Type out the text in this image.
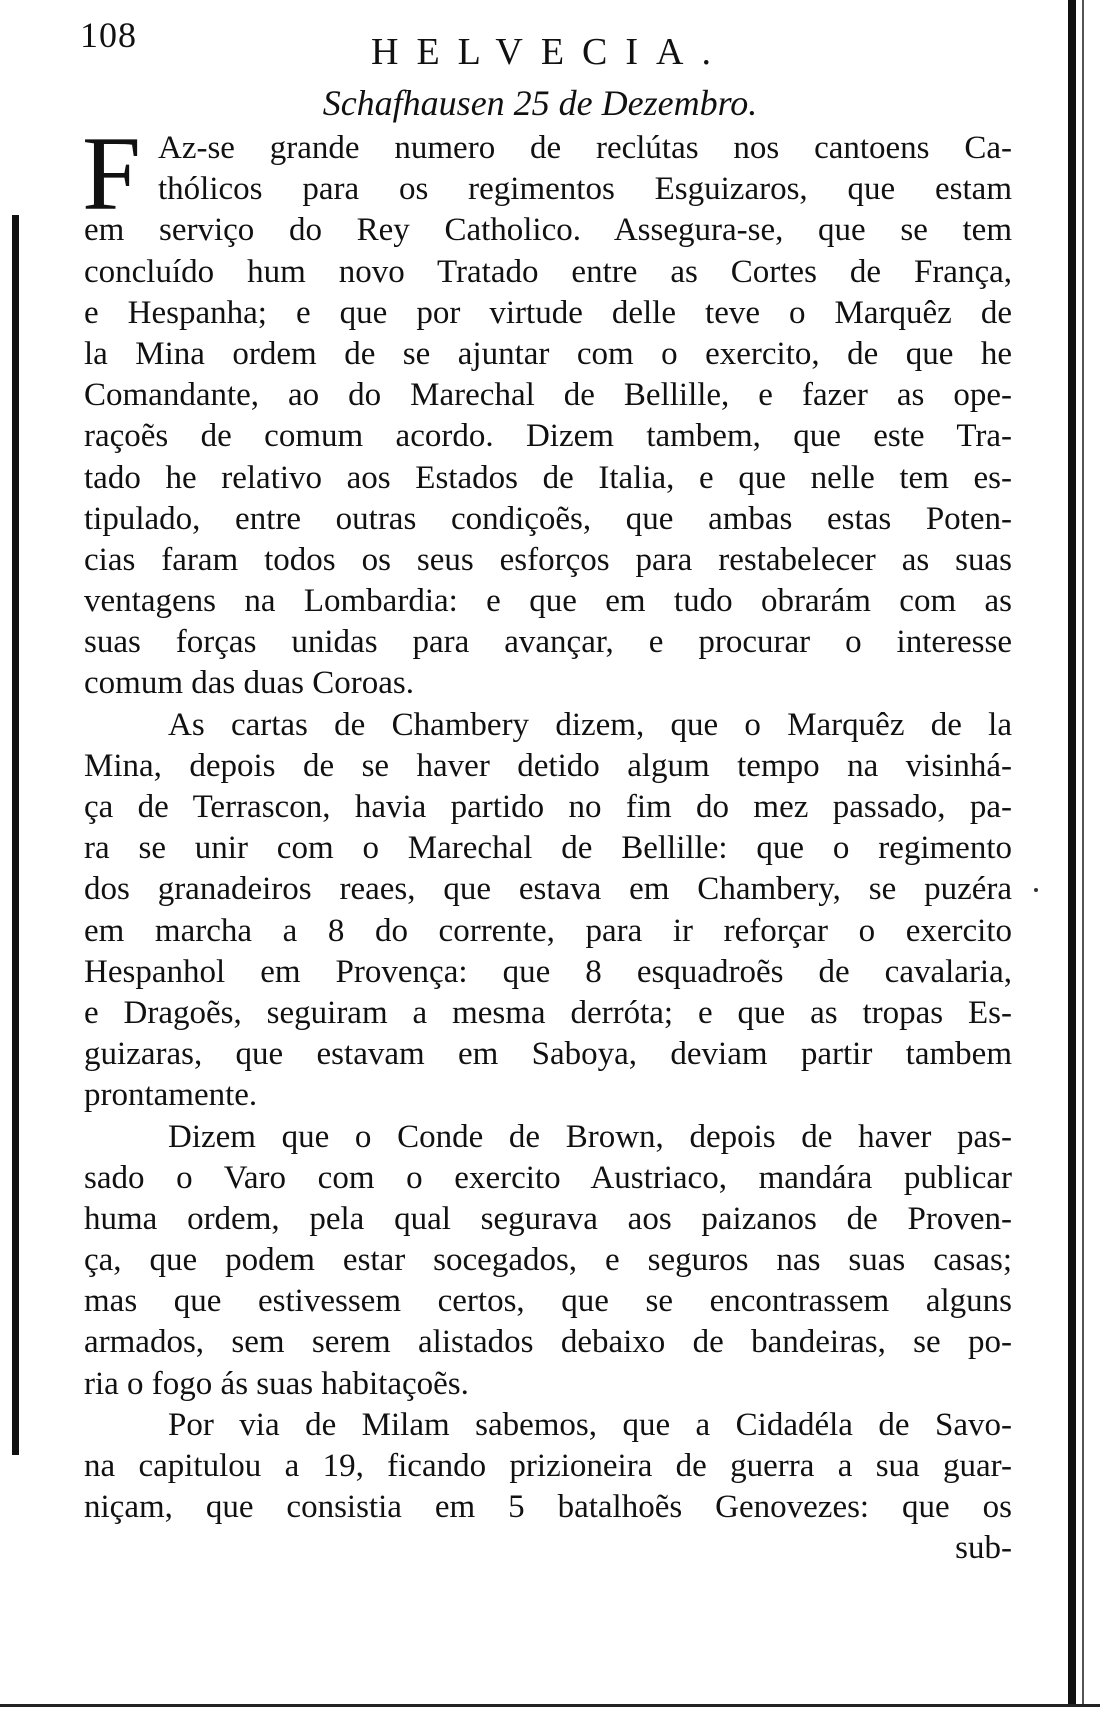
108	HELVECIA.
Schafhausen 25 de Dezembro.
F Az-se grande numero de reclútas nos cantoens Ca-
thólicos para os regimentos Esguizaros, que estam
em serviço do Rey Catholico. Assegura-se, que se tem
concluído hum novo Tratado entre as Cortes de França,
e Hespanha; e que por virtude delle teve o Marquêz de
la Mina ordem de se ajuntar com o exercito, de que he
Comandante, ao do Marechal de Bellille, e fazer as ope-
raçoẽs de comum acordo. Dizem tambem, que este Tra-
tado he relativo aos Estados de Italia, e que nelle tem es-
tipulado, entre outras condiçoẽs, que ambas estas Poten-
cias faram todos os seus esforços para restabelecer as suas
ventagens na Lombardia: e que em tudo obrarám com as
suas forças unidas para avançar, e procurar o interesse
comum das duas Coroas.
As cartas de Chambery dizem, que o Marquêz de la
Mina, depois de se haver detido algum tempo na visinhá-
ça de Terrascon, havia partido no fim do mez passado, pa-
ra se unir com o Marechal de Bellille: que o regimento
dos granadeiros reaes, que estava em Chambery, se puzéra
em marcha a 8 do corrente, para ir reforçar o exercito
Hespanhol em Provença: que 8 esquadroẽs de cavalaria,
e Dragoẽs, seguiram a mesma derróta; e que as tropas Es-
guizaras, que estavam em Saboya, deviam partir tambem
prontamente.
Dizem que o Conde de Brown, depois de haver pas-
sado o Varo com o exercito Austriaco, mandára publicar
huma ordem, pela qual segurava aos paizanos de Proven-
ça, que podem estar socegados, e seguros nas suas casas;
mas que estivessem certos, que se encontrassem alguns
armados, sem serem alistados debaixo de bandeiras, se po-
ria o fogo ás suas habitaçoẽs.
Por via de Milam sabemos, que a Cidadéla de Savo-
na capitulou a 19, ficando prizioneira de guerra a sua guar-
niçam, que consistia em 5 batalhoẽs Genovezes: que os
sub-
